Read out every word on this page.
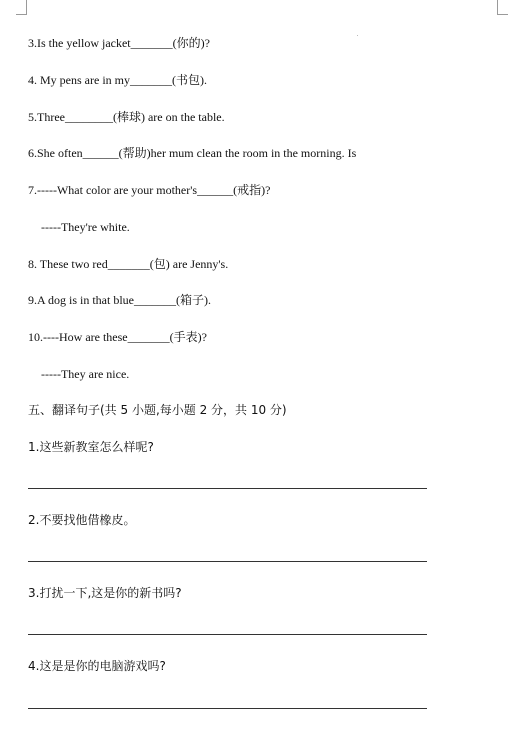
3.Is the yellow jacket_______(你的)?
4. My pens are in my_______(书包).
5.Three________(棒球) are on the table.
6.She often______(帮助)her mum clean the room in the morning. Is
7.-----What color are your mother's______(戒指)?
-----They're white.
8. These two red_______(包) are Jenny's.
9.A dog is in that blue_______(箱子).
10.----How are these_______(手表)?
-----They are nice.
五、翻译句子(共 5 小题,每小题 2 分，共 10 分)
1.这些新教室怎么样呢?
2.不要找他借橡皮。
3.打扰一下,这是你的新书吗?
4.这是是你的电脑游戏吗?
